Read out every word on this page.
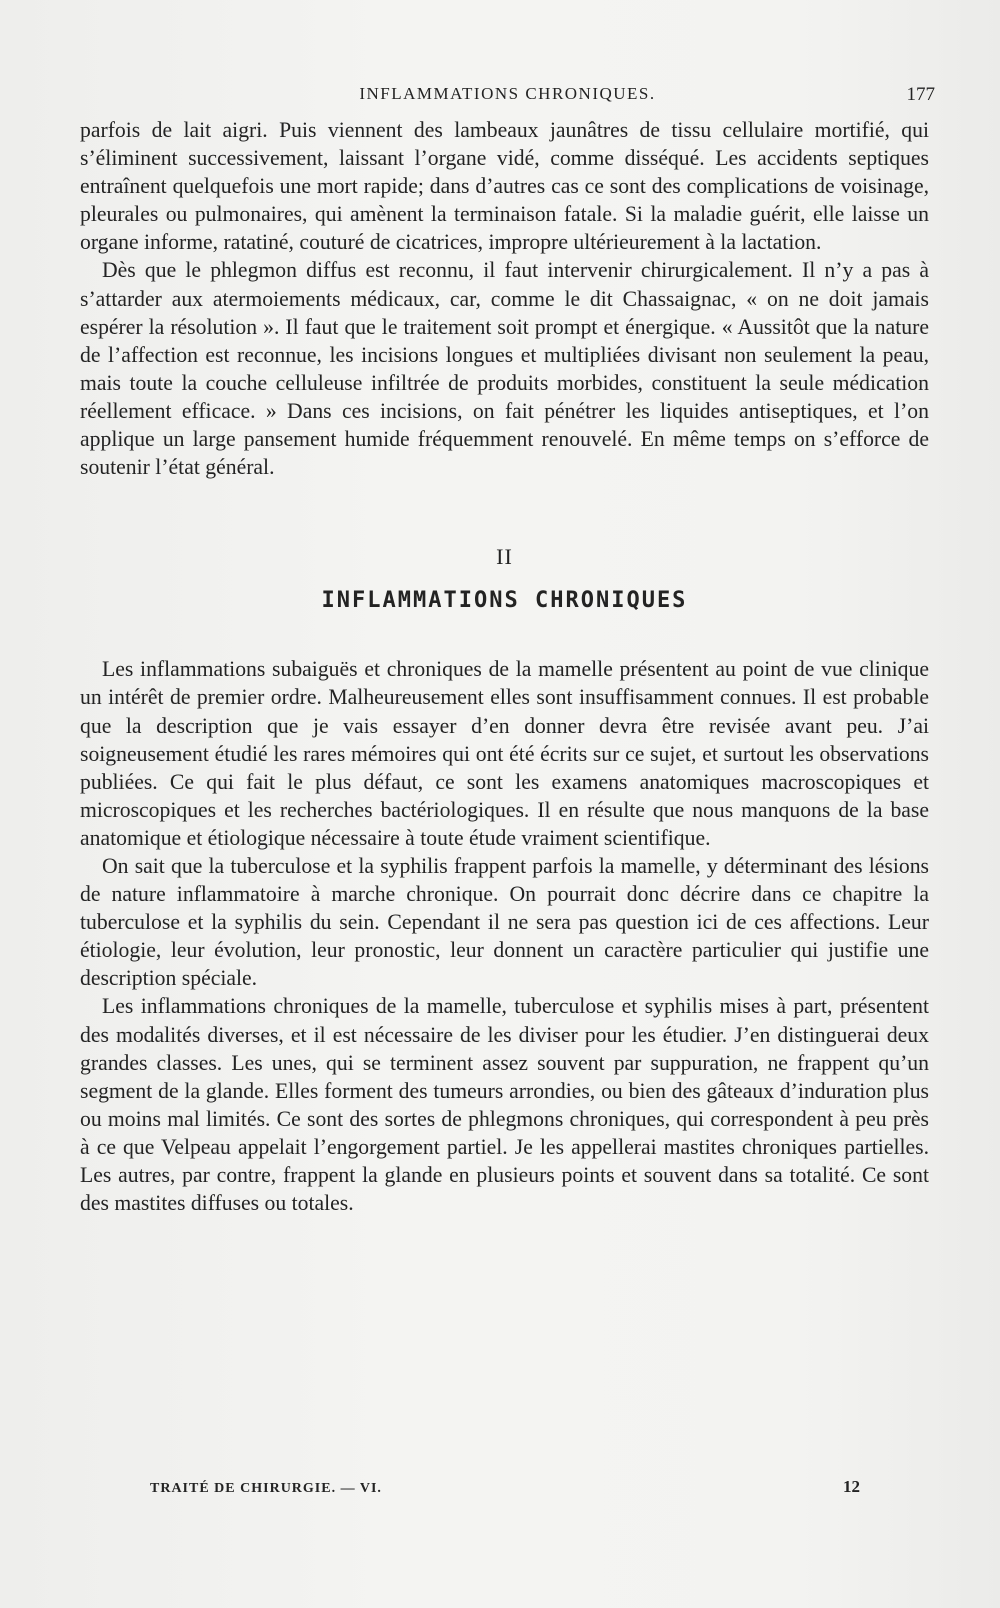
INFLAMMATIONS CHRONIQUES.	177

parfois de lait aigri. Puis viennent des lambeaux jaunâtres de tissu cellulaire mortifié, qui s’éliminent successivement, laissant l’organe vidé, comme disséqué. Les accidents septiques entraînent quelquefois une mort rapide; dans d’autres cas ce sont des complications de voisinage, pleurales ou pulmonaires, qui amènent la terminaison fatale. Si la maladie guérit, elle laisse un organe informe, ratatiné, couturé de cicatrices, impropre ultérieurement à la lactation.

Dès que le phlegmon diffus est reconnu, il faut intervenir chirurgicalement. Il n’y a pas à s’attarder aux atermoiements médicaux, car, comme le dit Chassaignac, « on ne doit jamais espérer la résolution ». Il faut que le traitement soit prompt et énergique. « Aussitôt que la nature de l’affection est reconnue, les incisions longues et multipliées divisant non seulement la peau, mais toute la couche celluleuse infiltrée de produits morbides, constituent la seule médication réellement efficace. » Dans ces incisions, on fait pénétrer les liquides antiseptiques, et l’on applique un large pansement humide fréquemment renouvelé. En même temps on s’efforce de soutenir l’état général.

II
INFLAMMATIONS CHRONIQUES

Les inflammations subaiguës et chroniques de la mamelle présentent au point de vue clinique un intérêt de premier ordre. Malheureusement elles sont insuffisamment connues. Il est probable que la description que je vais essayer d’en donner devra être revisée avant peu. J’ai soigneusement étudié les rares mémoires qui ont été écrits sur ce sujet, et surtout les observations publiées. Ce qui fait le plus défaut, ce sont les examens anatomiques macroscopiques et microscopiques et les recherches bactériologiques. Il en résulte que nous manquons de la base anatomique et étiologique nécessaire à toute étude vraiment scientifique.

On sait que la tuberculose et la syphilis frappent parfois la mamelle, y déterminant des lésions de nature inflammatoire à marche chronique. On pourrait donc décrire dans ce chapitre la tuberculose et la syphilis du sein. Cependant il ne sera pas question ici de ces affections. Leur étiologie, leur évolution, leur pronostic, leur donnent un caractère particulier qui justifie une description spéciale.

Les inflammations chroniques de la mamelle, tuberculose et syphilis mises à part, présentent des modalités diverses, et il est nécessaire de les diviser pour les étudier. J’en distinguerai deux grandes classes. Les unes, qui se terminent assez souvent par suppuration, ne frappent qu’un segment de la glande. Elles forment des tumeurs arrondies, ou bien des gâteaux d’induration plus ou moins mal limités. Ce sont des sortes de phlegmons chroniques, qui correspondent à peu près à ce que Velpeau appelait l’engorgement partiel. Je les appellerai mastites chroniques partielles. Les autres, par contre, frappent la glande en plusieurs points et souvent dans sa totalité. Ce sont des mastites diffuses ou totales.

TRAITÉ DE CHIRURGIE. — VI.	12
